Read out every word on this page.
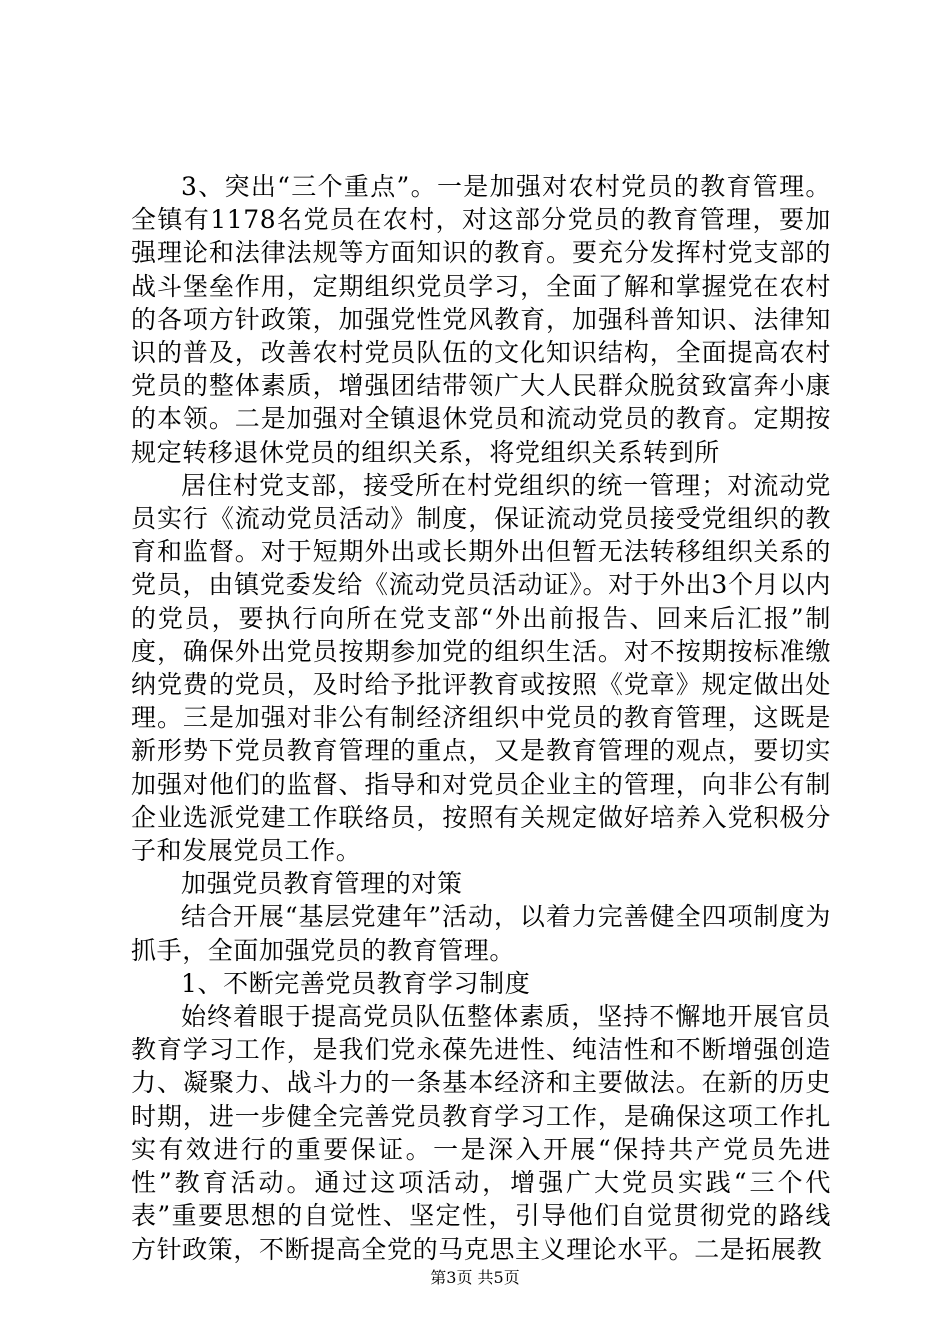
3、突出“三个重点”。一是加强对农村党员的教育管理。全镇有1178名党员在农村，对这部分党员的教育管理，要加强理论和法律法规等方面知识的教育。要充分发挥村党支部的战斗堡垒作用，定期组织党员学习，全面了解和掌握党在农村的各项方针政策，加强党性党风教育，加强科普知识、法律知识的普及，改善农村党员队伍的文化知识结构，全面提高农村党员的整体素质，增强团结带领广大人民群众脱贫致富奔小康的本领。二是加强对全镇退休党员和流动党员的教育。定期按规定转移退休党员的组织关系，将党组织关系转到所

居住村党支部，接受所在村党组织的统一管理；对流动党员实行《流动党员活动》制度，保证流动党员接受党组织的教育和监督。对于短期外出或长期外出但暂无法转移组织关系的党员，由镇党委发给《流动党员活动证》。对于外出3个月以内的党员，要执行向所在党支部“外出前报告、回来后汇报”制度，确保外出党员按期参加党的组织生活。对不按期按标准缴纳党费的党员，及时给予批评教育或按照《党章》规定做出处理。三是加强对非公有制经济组织中党员的教育管理，这既是新形势下党员教育管理的重点，又是教育管理的观点，要切实加强对他们的监督、指导和对党员企业主的管理，向非公有制企业选派党建工作联络员，按照有关规定做好培养入党积极分子和发展党员工作。

加强党员教育管理的对策

结合开展“基层党建年”活动，以着力完善健全四项制度为抓手，全面加强党员的教育管理。

1、不断完善党员教育学习制度

始终着眼于提高党员队伍整体素质，坚持不懈地开展官员教育学习工作，是我们党永葆先进性、纯洁性和不断增强创造力、凝聚力、战斗力的一条基本经济和主要做法。在新的历史时期，进一步健全完善党员教育学习工作，是确保这项工作扎实有效进行的重要保证。一是深入开展“保持共产党员先进性”教育活动。通过这项活动，增强广大党员实践“三个代表”重要思想的自觉性、坚定性，引导他们自觉贯彻党的路线方针政策，不断提高全党的马克思主义理论水平。二是拓展教

第3页 共5页
